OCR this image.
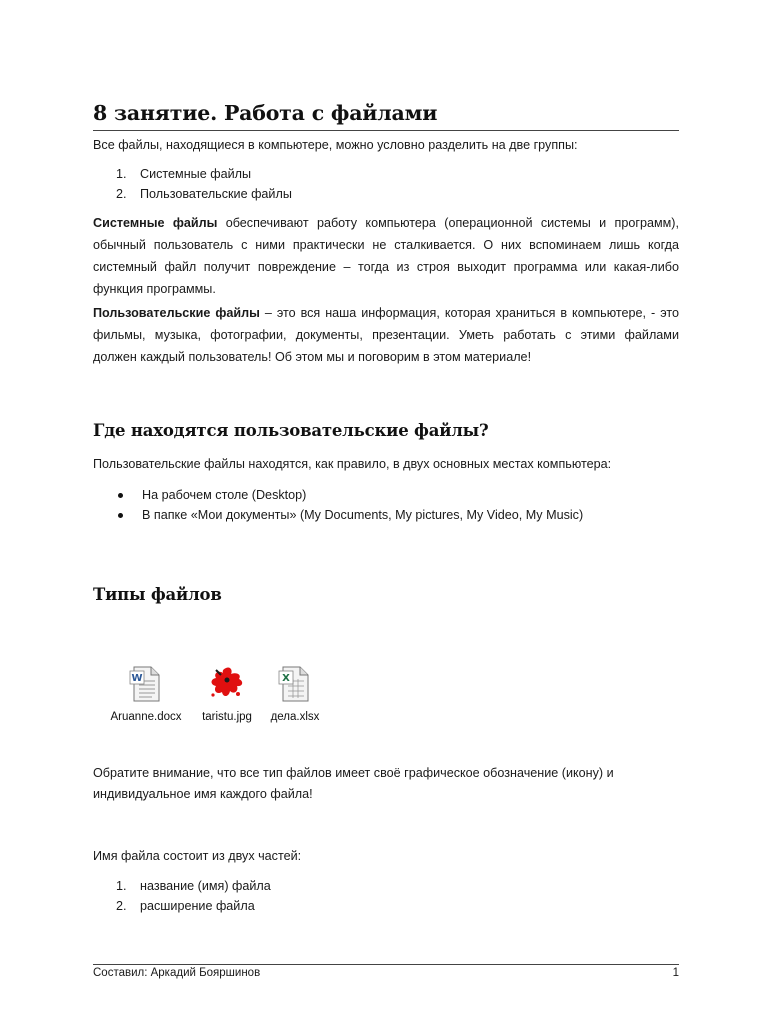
8 занятие. Работа с файлами
Все файлы, находящиеся в компьютере, можно условно разделить на две группы:
1. Системные файлы
2. Пользовательские файлы
Системные файлы обеспечивают работу компьютера (операционной системы и программ),
обычный пользователь с ними практически не сталкивается. О них вспоминаем лишь когда
системный файл получит повреждение – тогда из строя выходит программа или какая-либо
функция программы.
Пользовательские файлы – это вся наша информация, которая храниться в компьютере, - это
фильмы, музыка, фотографии, документы, презентации. Уметь работать с этими файлами
должен каждый пользователь! Об этом мы и поговорим в этом материале!
Где находятся пользовательские файлы?
Пользовательские файлы находятся, как правило, в двух основных местах компьютера:
На рабочем столе (Desktop)
В папке «Мои документы» (My Documents, My pictures, My Video, My Music)
Типы файлов
W
Aruanne.docx	taristu.jpg
X
дела.xlsx
Обратите внимание, что все тип файлов имеет своё графическое обозначение (икону) и
индивидуальное имя каждого файла!
Имя файла состоит из двух частей:
1. название (имя) файла
2. расширение файла
Составил: Аркадий Бояршинов	1
